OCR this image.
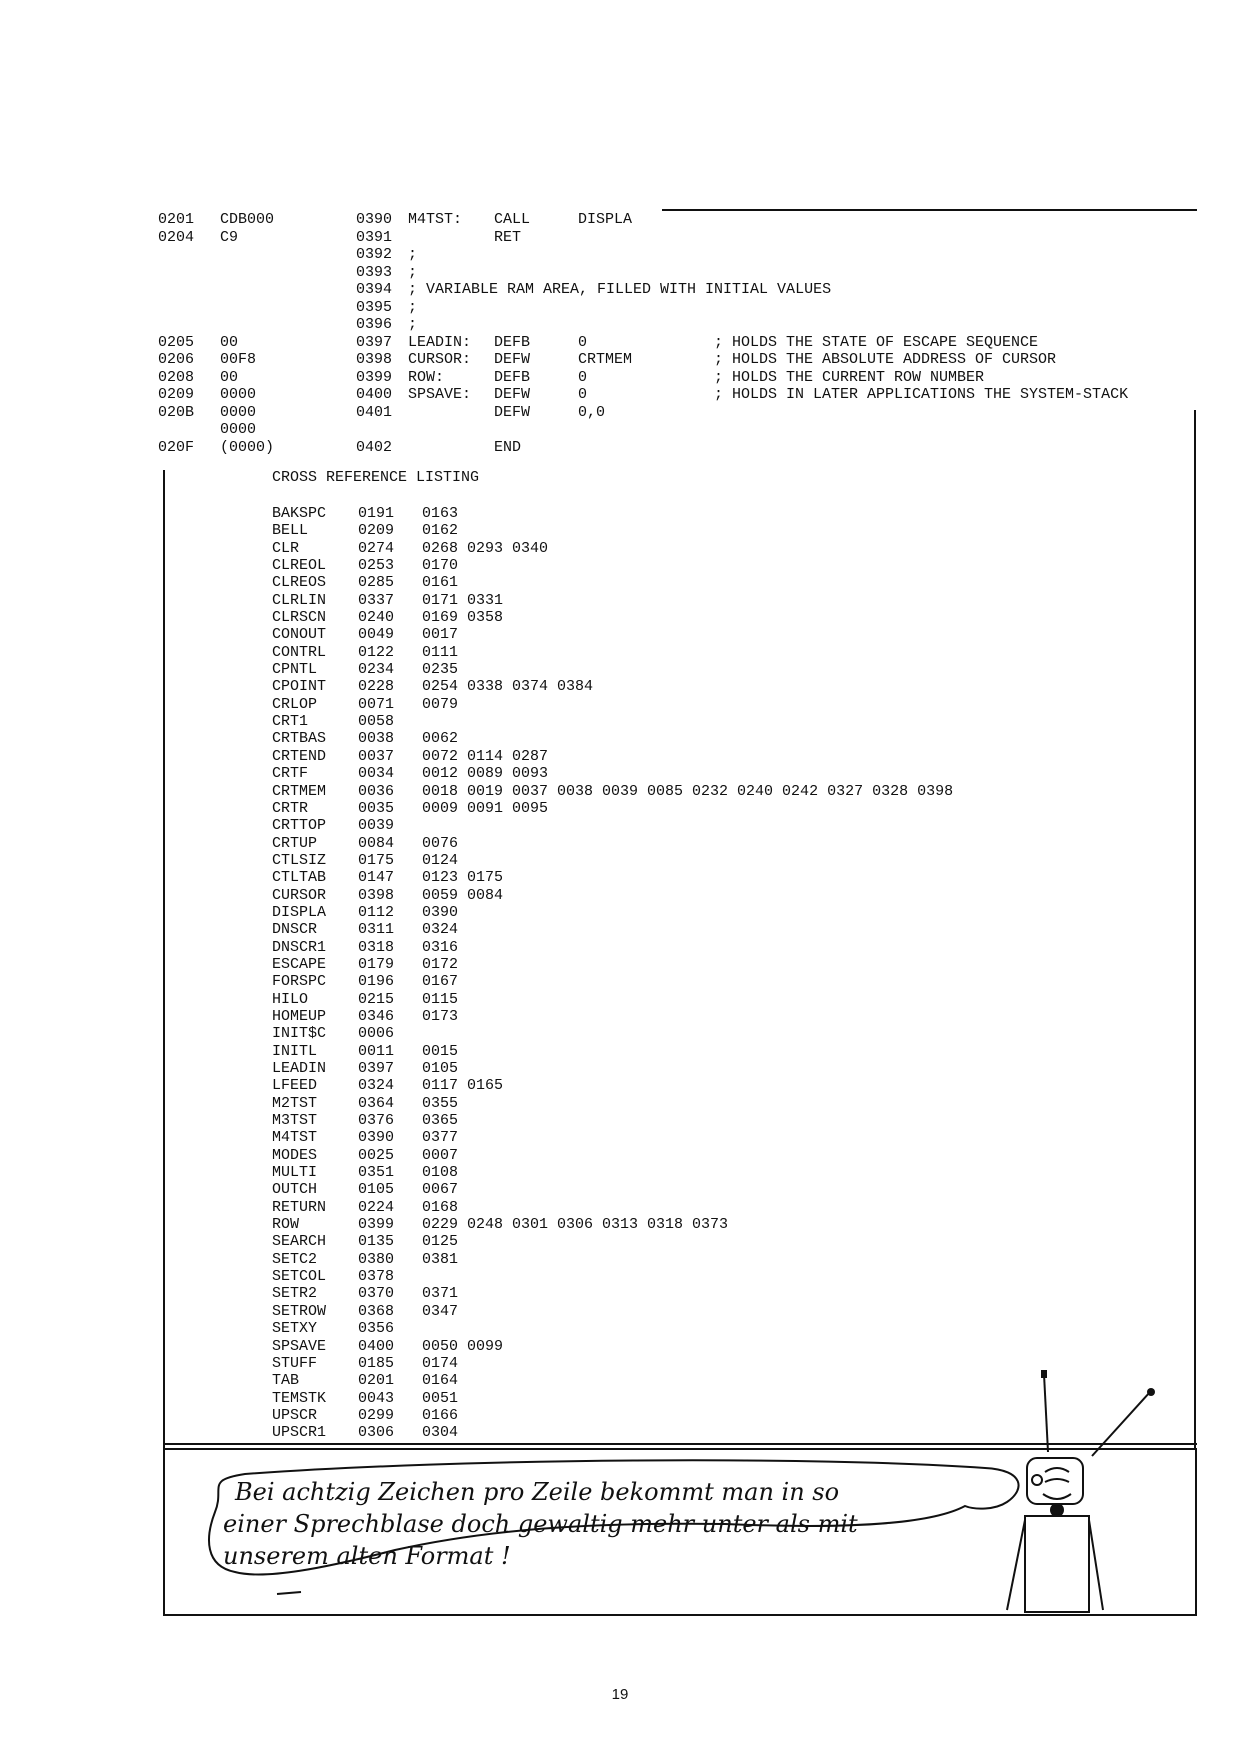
0201 CDB000	0390 M4TST: CALL	DISPLA
0204 C9	0391	RET
0392 ;
0393 ;
0394 ; VARIABLE RAM AREA, FILLED WITH INITIAL VALUES
0395 ;
0396 ;
0205 00	0397 LEADIN: DEFB	0	; HOLDS THE STATE OF ESCAPE SEQUENCE
0206 00F8	0398 CURSOR: DEFW	CRTMEM	; HOLDS THE ABSOLUTE ADDRESS OF CURSOR
0208 00	0399 ROW:	DEFB	0	; HOLDS THE CURRENT ROW NUMBER
0209 0000	0400 SPSAVE: DEFW	0	; HOLDS IN LATER APPLICATIONS THE SYSTEM-STACK
020B 0000	0401	DEFW	0,0
0000
020F (0000)	0402	END
CROSS REFERENCE LISTING
BAKSPC 0191 0163
BELL	0209 0162
CLR	0274 0268 0293 0340
CLREOL 0253 0170
CLREOS 0285 0161
CLRLIN 0337 0171 0331
CLRSCN 0240 0169 0358
CONOUT 0049 0017
CONTRL 0122 0111
CPNTL	0234 0235
CPOINT 0228 0254 0338 0374 0384
CRLOP	0071 0079
CRT1	0058
CRTBAS 0038 0062
CRTEND 0037 0072 0114 0287
CRTF	0034 0012 0089 0093
CRTMEM 0036 0018 0019 0037 0038 0039 0085 0232 0240 0242 0327 0328 0398
CRTR	0035 0009 0091 0095
CRTTOP 0039
CRTUP	0084 0076
CTLSIZ 0175 0124
CTLTAB 0147 0123 0175
CURSOR 0398 0059 0084
DISPLA 0112 0390
DNSCR	0311 0324
DNSCR1 0318 0316
ESCAPE 0179 0172
FORSPC 0196 0167
HILO	0215 0115
HOMEUP 0346 0173
INIT$C 0006
INITL	0011 0015
LEADIN 0397 0105
LFEED	0324 0117 0165
M2TST	0364 0355
M3TST	0376 0365
M4TST	0390 0377
MODES	0025 0007
MULTI	0351 0108
OUTCH	0105 0067
RETURN 0224 0168
ROW	0399 0229 0248 0301 0306 0313 0318 0373
SEARCH 0135 0125
SETC2	0380 0381
SETCOL 0378
SETR2	0370 0371
SETROW 0368 0347
SETXY	0356
SPSAVE 0400 0050 0099
STUFF	0185 0174
TAB	0201 0164
TEMSTK 0043 0051
UPSCR	0299 0166
UPSCR1 0306 0304
Bei achtzig Zeichen pro Zeile bekommt man in so
einer Sprechblase doch gewaltig mehr unter als mit
unserem alten Format !
19
